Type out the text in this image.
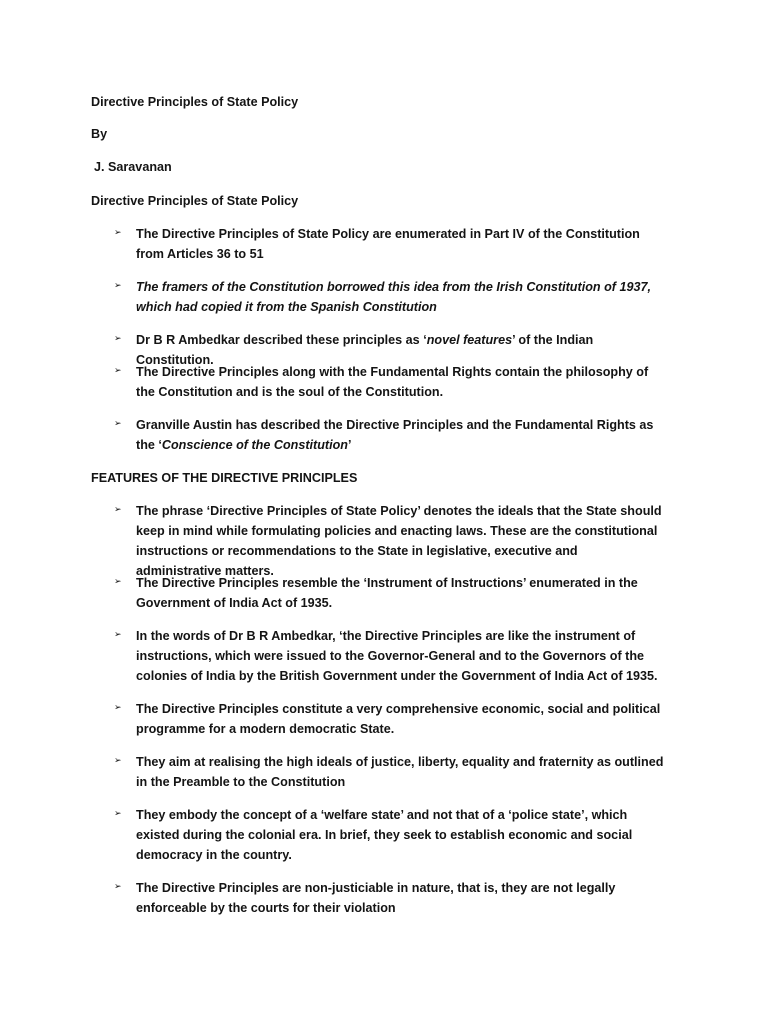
Directive Principles of State Policy
By
J. Saravanan
Directive Principles of State Policy
➢	The Directive Principles of State Policy are enumerated in Part IV of the Constitution from Articles 36 to 51
➢	The framers of the Constitution borrowed this idea from the Irish Constitution of 1937, which had copied it from the Spanish Constitution
➢	Dr B R Ambedkar described these principles as ‘novel features’ of the Indian Constitution.
➢	The Directive Principles along with the Fundamental Rights contain the philosophy of the Constitution and is the soul of the Constitution.
➢	Granville Austin has described the Directive Principles and the Fundamental Rights as the ‘Conscience of the Constitution’
FEATURES OF THE DIRECTIVE PRINCIPLES
➢	The phrase ‘Directive Principles of State Policy’ denotes the ideals that the State should keep in mind while formulating policies and enacting laws. These are the constitutional instructions or recommendations to the State in legislative, executive and administrative matters.
➢	The Directive Principles resemble the ‘Instrument of Instructions’ enumerated in the Government of India Act of 1935.
➢	In the words of Dr B R Ambedkar, ‘the Directive Principles are like the instrument of instructions, which were issued to the Governor-General and to the Governors of the colonies of India by the British Government under the Government of India Act of 1935.
➢	The Directive Principles constitute a very comprehensive economic, social and political programme for a modern democratic State.
➢	They aim at realising the high ideals of justice, liberty, equality and fraternity as outlined in the Preamble to the Constitution
➢	They embody the concept of a ‘welfare state’ and not that of a ‘police state’, which existed during the colonial era. In brief, they seek to establish economic and social democracy in the country.
➢	The Directive Principles are non-justiciable in nature, that is, they are not legally enforceable by the courts for their violation
